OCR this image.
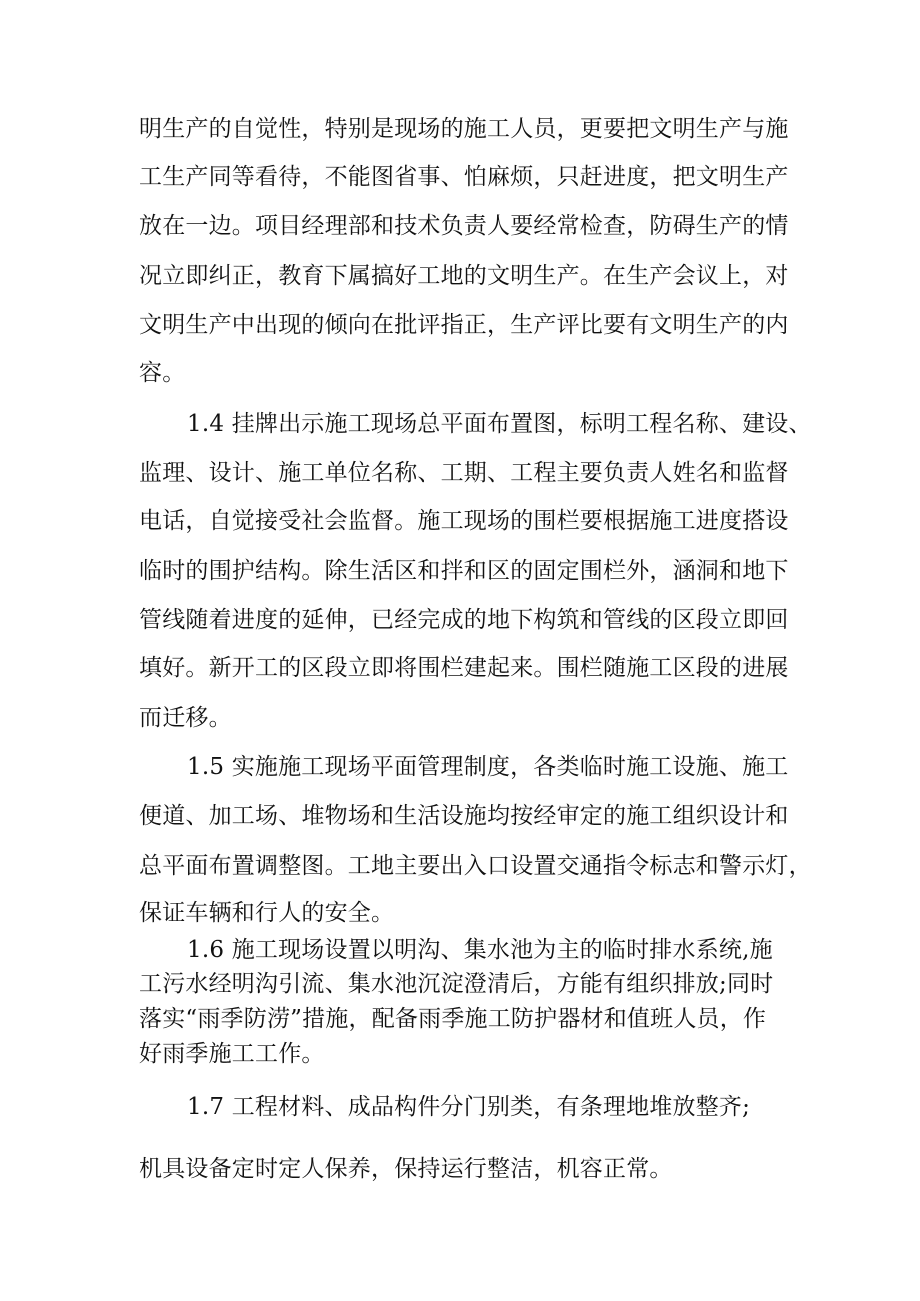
明生产的自觉性，特别是现场的施工人员，更要把文明生产与施
工生产同等看待，不能图省事、怕麻烦，只赶进度，把文明生产
放在一边。项目经理部和技术负责人要经常检查，防碍生产的情
况立即纠正，教育下属搞好工地的文明生产。在生产会议上，对
文明生产中出现的倾向在批评指正，生产评比要有文明生产的内
容。
1.4 挂牌出示施工现场总平面布置图，标明工程名称、建设、
监理、设计、施工单位名称、工期、工程主要负责人姓名和监督
电话，自觉接受社会监督。施工现场的围栏要根据施工进度搭设
临时的围护结构。除生活区和拌和区的固定围栏外，涵洞和地下
管线随着进度的延伸，已经完成的地下构筑和管线的区段立即回
填好。新开工的区段立即将围栏建起来。围栏随施工区段的进展
而迁移。
1.5 实施施工现场平面管理制度，各类临时施工设施、施工
便道、加工场、堆物场和生活设施均按经审定的施工组织设计和
总平面布置调整图。工地主要出入口设置交通指令标志和警示灯，
保证车辆和行人的安全。
1.6 施工现场设置以明沟、集水池为主的临时排水系统,施
工污水经明沟引流、集水池沉淀澄清后，方能有组织排放;同时
落实“雨季防涝”措施，配备雨季施工防护器材和值班人员，作
好雨季施工工作。
1.7 工程材料、成品构件分门别类，有条理地堆放整齐;
机具设备定时定人保养，保持运行整洁，机容正常。
